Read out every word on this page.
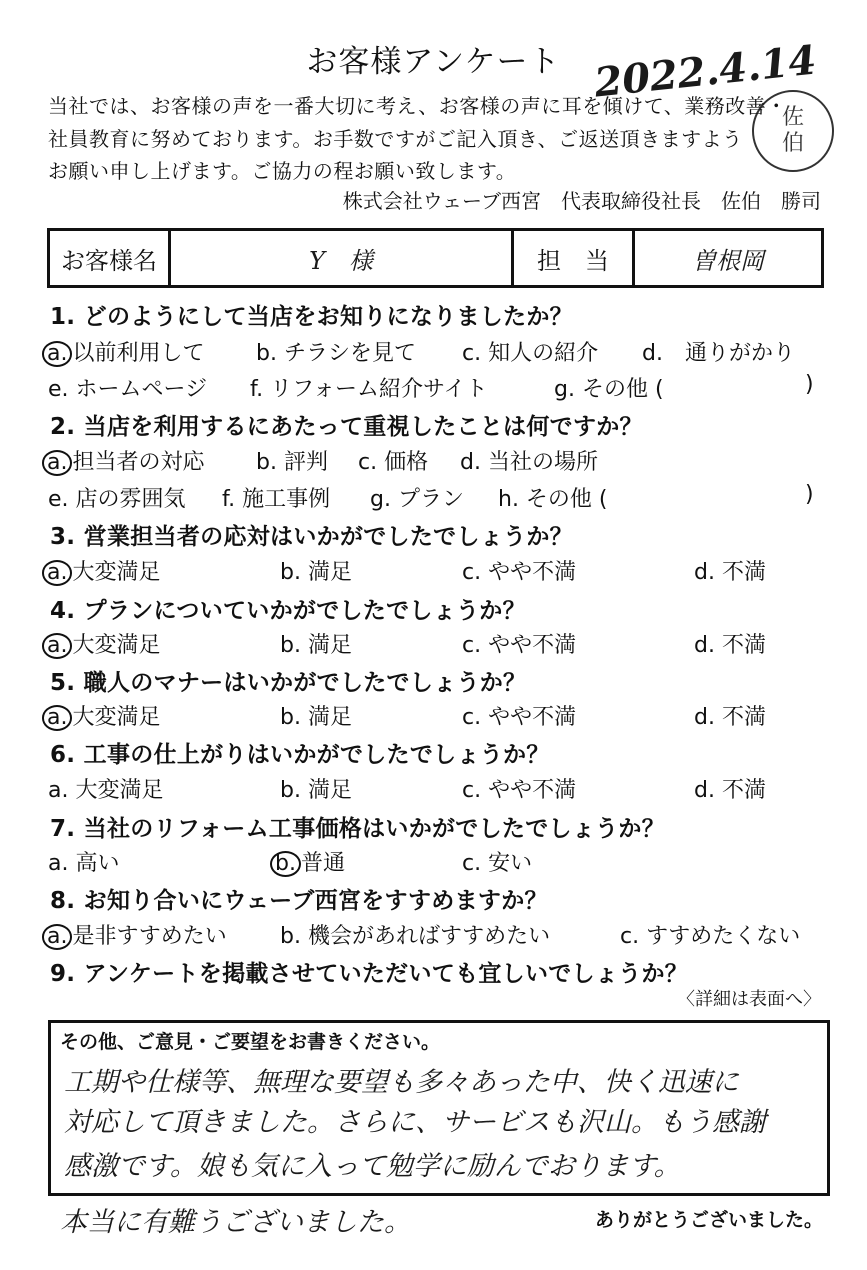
お客様アンケート 2022.4.14
佐
伯
当社では、お客様の声を一番大切に考え、お客様の声に耳を傾けて、業務改善・
社員教育に努めております。お手数ですがご記入頂き、ご返送頂きますよう
お願い申し上げます。ご協力の程お願い致します。
株式会社ウェーブ西宮　代表取締役社長　佐伯　勝司
お客様名	Y　様	担　当	曽根岡
1. どのようにして当店をお知りになりましたか？
a. 以前利用して b. チラシを見て c. 知人の紹介 d.　通りがかり
e. ホームページ f. リフォーム紹介サイト	g. その他 (	)
2. 当店を利用するにあたって重視したことは何ですか？
a. 担当者の対応 b. 評判 c. 価格 d. 当社の場所
e. 店の雰囲気 f. 施工事例 g. プラン h. その他 (	)
3. 営業担当者の応対はいかがでしたでしょうか？
a. 大変満足	b. 満足	c. やや不満	d. 不満
4. プランについていかがでしたでしょうか？
a. 大変満足	b. 満足	c. やや不満	d. 不満
5. 職人のマナーはいかがでしたでしょうか？
a. 大変満足	b. 満足	c. やや不満	d. 不満
6. 工事の仕上がりはいかがでしたでしょうか？
a. 大変満足	b. 満足	c. やや不満	d. 不満
7. 当社のリフォーム工事価格はいかがでしたでしょうか？
a. 高い	b. 普通	c. 安い
8. お知り合いにウェーブ西宮をすすめますか？
a. 是非すすめたい b. 機会があればすすめたい	c. すすめたくない
9. アンケートを掲載させていただいても宜しいでしょうか？
〈詳細は表面へ〉
その他、ご意見・ご要望をお書きください。
工期や仕様等、無理な要望も多々あった中、快く迅速に
対応して頂きました。さらに、サービスも沢山。もう感謝
感激です。娘も気に入って勉学に励んでおります。
本当に有難うございました。	ありがとうございました。
